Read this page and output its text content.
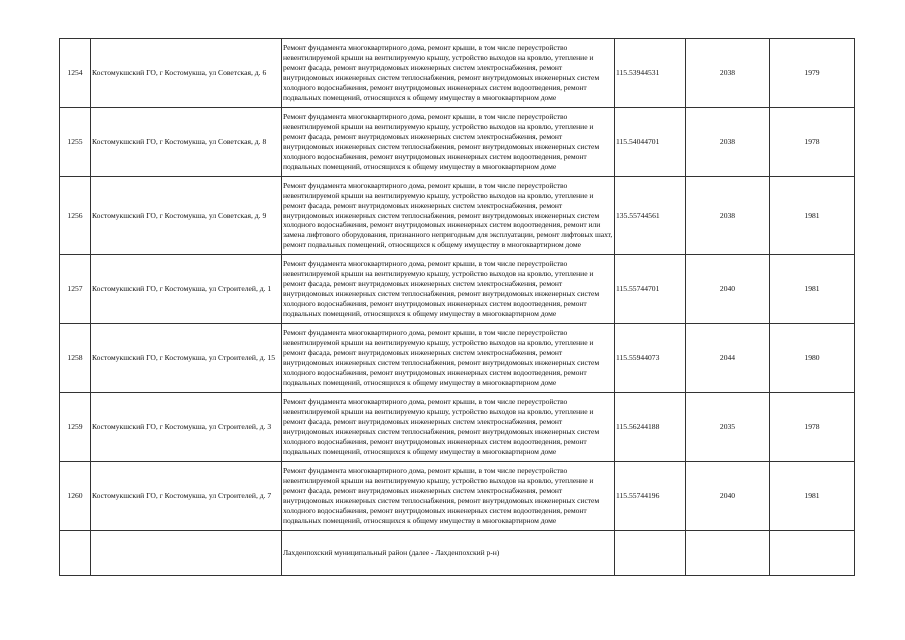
1254	Костомукшский ГО, г Костомукша, ул Советская, д. 6	Ремонт фундамента многоквартирного дома, ремонт крыши, в том числе переустройство невентилируемой крыши на вентилируемую крышу, устройство выходов на кровлю, утепление и ремонт фасада, ремонт внутридомовых инженерных систем электроснабжения, ремонт внутридомовых инженерных систем теплоснабжения, ремонт внутридомовых инженерных систем холодного водоснабжения, ремонт внутридомовых инженерных систем водоотведения, ремонт подвальных помещений, относящихся к общему имуществу в многоквартирном доме	115.53944531	2038	1979
1255	Костомукшский ГО, г Костомукша, ул Советская, д. 8	Ремонт фундамента многоквартирного дома, ремонт крыши, в том числе переустройство невентилируемой крыши на вентилируемую крышу, устройство выходов на кровлю, утепление и ремонт фасада, ремонт внутридомовых инженерных систем электроснабжения, ремонт внутридомовых инженерных систем теплоснабжения, ремонт внутридомовых инженерных систем холодного водоснабжения, ремонт внутридомовых инженерных систем водоотведения, ремонт подвальных помещений, относящихся к общему имуществу в многоквартирном доме	115.54044701	2038	1978
1256	Костомукшский ГО, г Костомукша, ул Советская, д. 9	Ремонт фундамента многоквартирного дома, ремонт крыши, в том числе переустройство невентилируемой крыши на вентилируемую крышу, устройство выходов на кровлю, утепление и ремонт фасада, ремонт внутридомовых инженерных систем электроснабжения, ремонт внутридомовых инженерных систем теплоснабжения, ремонт внутридомовых инженерных систем холодного водоснабжения, ремонт внутридомовых инженерных систем водоотведения, ремонт или замена лифтового оборудования, признанного непригодным для эксплуатации, ремонт лифтовых шахт, ремонт подвальных помещений, относящихся к общему имуществу в многоквартирном доме	135.55744561	2038	1981
1257	Костомукшский ГО, г Костомукша, ул Строителей, д. 1	Ремонт фундамента многоквартирного дома, ремонт крыши, в том числе переустройство невентилируемой крыши на вентилируемую крышу, устройство выходов на кровлю, утепление и ремонт фасада, ремонт внутридомовых инженерных систем электроснабжения, ремонт внутридомовых инженерных систем теплоснабжения, ремонт внутридомовых инженерных систем холодного водоснабжения, ремонт внутридомовых инженерных систем водоотведения, ремонт подвальных помещений, относящихся к общему имуществу в многоквартирном доме	115.55744701	2040	1981
1258	Костомукшский ГО, г Костомукша, ул Строителей, д. 15	Ремонт фундамента многоквартирного дома, ремонт крыши, в том числе переустройство невентилируемой крыши на вентилируемую крышу, устройство выходов на кровлю, утепление и ремонт фасада, ремонт внутридомовых инженерных систем электроснабжения, ремонт внутридомовых инженерных систем теплоснабжения, ремонт внутридомовых инженерных систем холодного водоснабжения, ремонт внутридомовых инженерных систем водоотведения, ремонт подвальных помещений, относящихся к общему имуществу в многоквартирном доме	115.55944073	2044	1980
1259	Костомукшский ГО, г Костомукша, ул Строителей, д. 3	Ремонт фундамента многоквартирного дома, ремонт крыши, в том числе переустройство невентилируемой крыши на вентилируемую крышу, устройство выходов на кровлю, утепление и ремонт фасада, ремонт внутридомовых инженерных систем электроснабжения, ремонт внутридомовых инженерных систем теплоснабжения, ремонт внутридомовых инженерных систем холодного водоснабжения, ремонт внутридомовых инженерных систем водоотведения, ремонт подвальных помещений, относящихся к общему имуществу в многоквартирном доме	115.56244188	2035	1978
1260	Костомукшский ГО, г Костомукша, ул Строителей, д. 7	Ремонт фундамента многоквартирного дома, ремонт крыши, в том числе переустройство невентилируемой крыши на вентилируемую крышу, устройство выходов на кровлю, утепление и ремонт фасада, ремонт внутридомовых инженерных систем электроснабжения, ремонт внутридомовых инженерных систем теплоснабжения, ремонт внутридомовых инженерных систем холодного водоснабжения, ремонт внутридомовых инженерных систем водоотведения, ремонт подвальных помещений, относящихся к общему имуществу в многоквартирном доме	115.55744196	2040	1981
		Лахденпохский муниципальный район (далее - Лахденпохский р-н)			
